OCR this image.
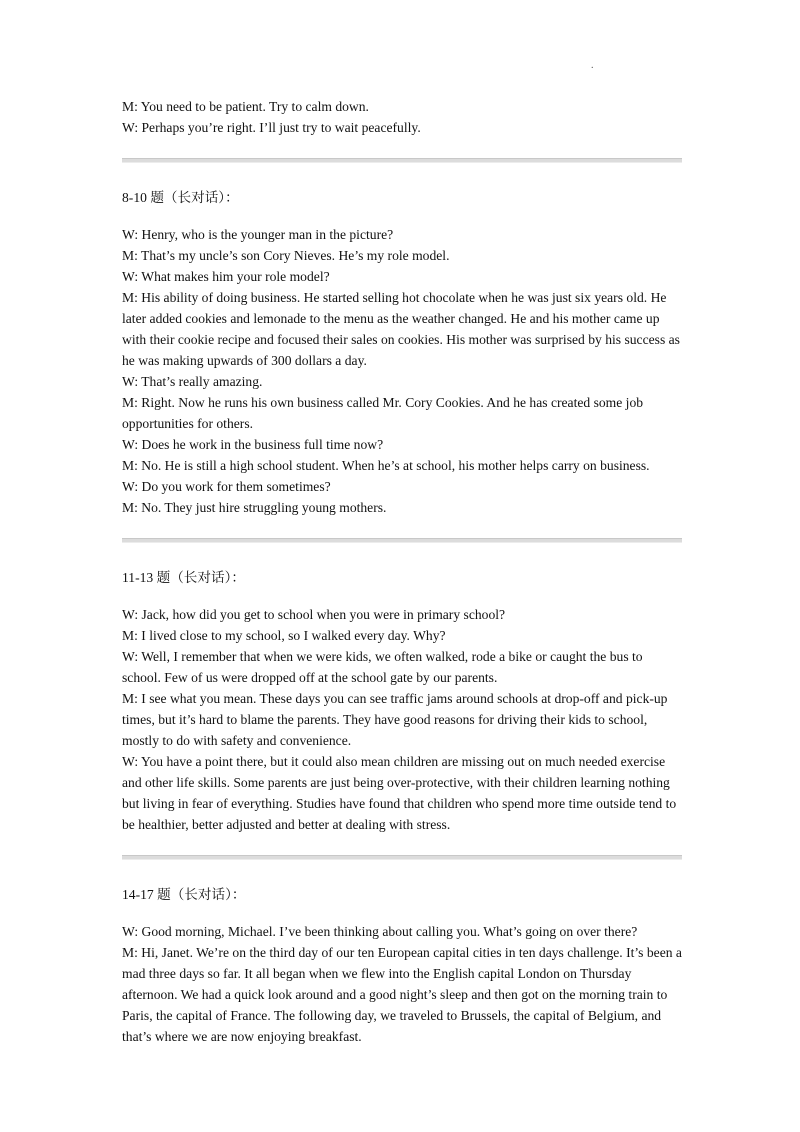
.

M: You need to be patient. Try to calm down.

W: Perhaps you’re right. I’ll just try to wait peacefully.

8-10 题（长对话）：

W: Henry, who is the younger man in the picture?

M: That’s my uncle’s son Cory Nieves. He’s my role model.

W: What makes him your role model?

M: His ability of doing business. He started selling hot chocolate when he was just six years old. He later added cookies and lemonade to the menu as the weather changed. He and his mother came up with their cookie recipe and focused their sales on cookies. His mother was surprised by his success as he was making upwards of 300 dollars a day.

W: That’s really amazing.

M: Right. Now he runs his own business called Mr. Cory Cookies. And he has created some job opportunities for others.

W: Does he work in the business full time now?

M: No. He is still a high school student. When he’s at school, his mother helps carry on business.

W: Do you work for them sometimes?

M: No. They just hire struggling young mothers.

11-13 题（长对话）：

W: Jack, how did you get to school when you were in primary school?

M: I lived close to my school, so I walked every day. Why?

W: Well, I remember that when we were kids, we often walked, rode a bike or caught the bus to school. Few of us were dropped off at the school gate by our parents.

M: I see what you mean. These days you can see traffic jams around schools at drop-off and pick-up times, but it’s hard to blame the parents. They have good reasons for driving their kids to school, mostly to do with safety and convenience.

W: You have a point there, but it could also mean children are missing out on much needed exercise and other life skills. Some parents are just being over-protective, with their children learning nothing but living in fear of everything. Studies have found that children who spend more time outside tend to be healthier, better adjusted and better at dealing with stress.

14-17 题（长对话）：

W: Good morning, Michael. I’ve been thinking about calling you. What’s going on over there?

M: Hi, Janet. We’re on the third day of our ten European capital cities in ten days challenge. It’s been a mad three days so far. It all began when we flew into the English capital London on Thursday afternoon. We had a quick look around and a good night’s sleep and then got on the morning train to Paris, the capital of France. The following day, we traveled to Brussels, the capital of Belgium, and that’s where we are now enjoying breakfast.
